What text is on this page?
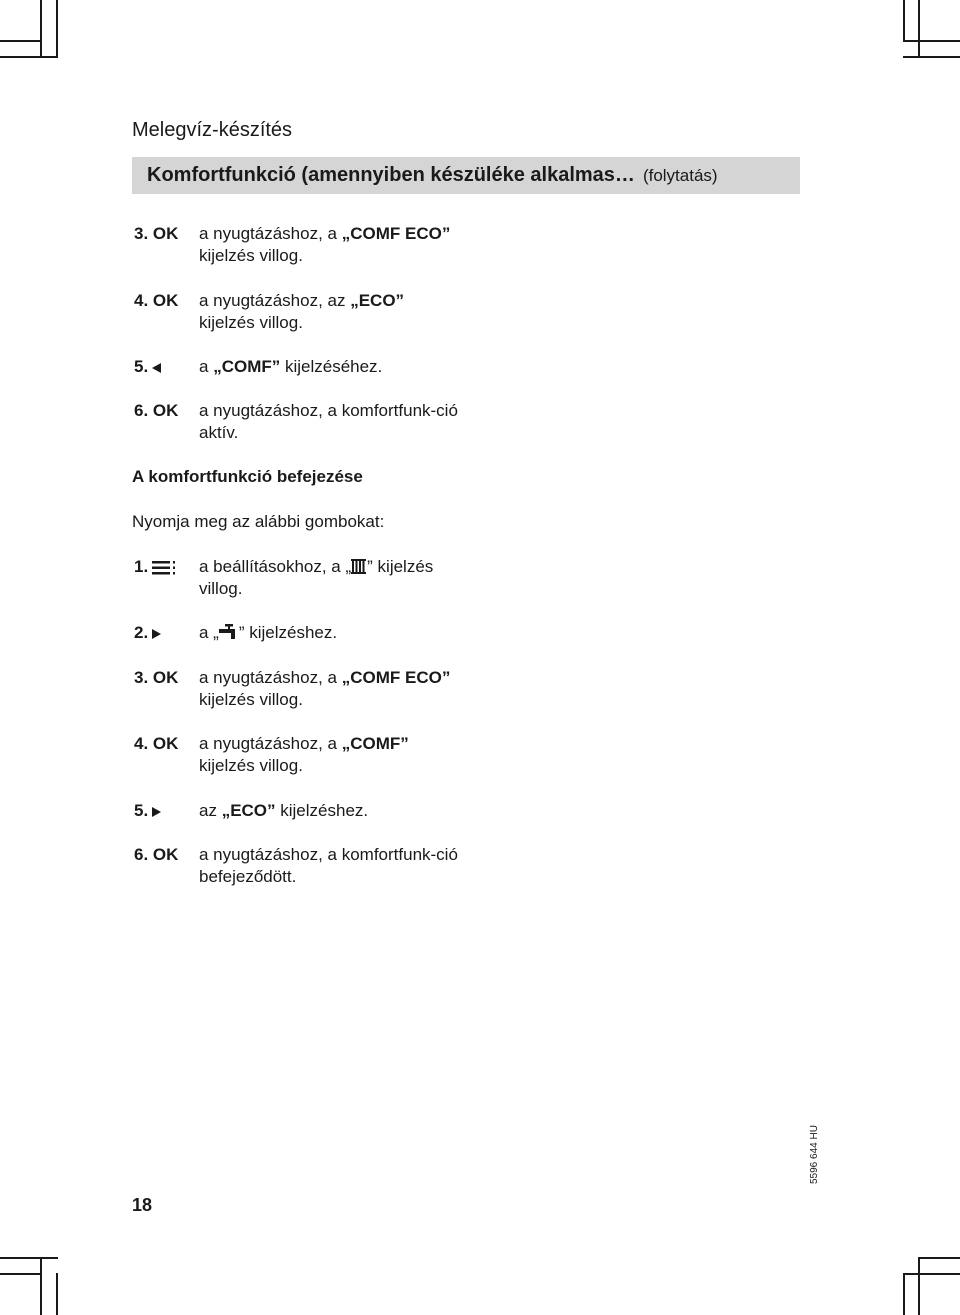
Melegvíz-készítés
Komfortfunkció (amennyiben készüléke alkalmas… (folytatás)
3. OK a nyugtázáshoz, a „COMF ECO” kijelzés villog.
4. OK a nyugtázáshoz, az „ECO”
kijelzés villog.
5.	a „COMF” kijelzéséhez.
6. OK a nyugtázáshoz, a komfortfunk-ció aktív.
A komfortfunkció befejezése
Nyomja meg az alábbi gombokat:
1.	a beállításokhoz, a „ ” kijelzés villog.
2.	a „ ” kijelzéshez.
3. OK a nyugtázáshoz, a „COMF ECO” kijelzés villog.
4. OK a nyugtázáshoz, a „COMF”
kijelzés villog.
5.	az „ECO” kijelzéshez.
6. OK a nyugtázáshoz, a komfortfunk-ció befejeződött.
18
5596 644 HU
